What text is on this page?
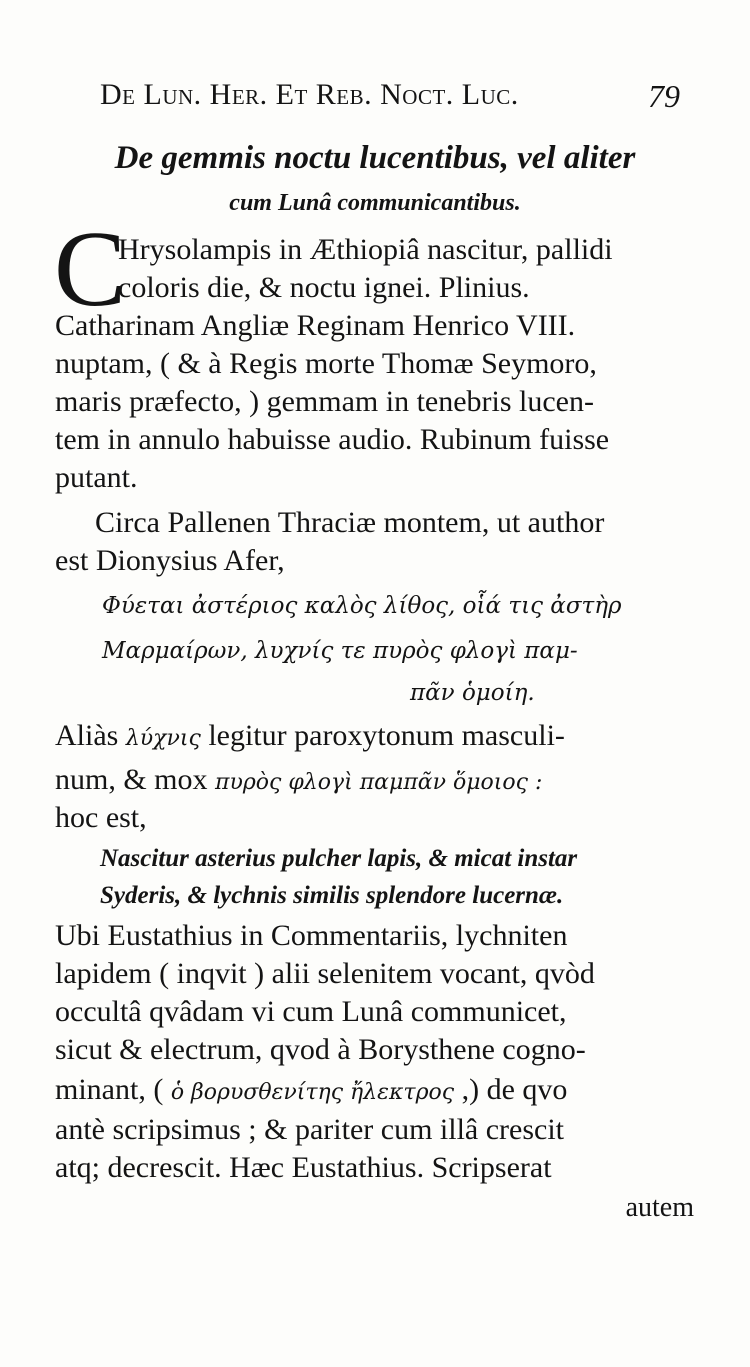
De Lun. Her. Et Reb. Noct. Luc.	79
De gemmis noctu lucentibus, vel aliter
cum Lunâ communicantibus.
C
Hrysolampis in Æthiopiâ nascitur, pallidi
coloris die, & noctu ignei. Plinius.
Catharinam Angliæ Reginam Henrico VIII.
nuptam, ( & à Regis morte Thomæ Seymoro,
maris præfecto, ) gemmam in tenebris lucen-
tem in annulo habuisse audio. Rubinum fuisse
putant.
Circa Pallenen Thraciæ montem, ut author
est Dionysius Afer,
Φύεται ἀστέριος καλὸς λίθος, οἷά τις ἀστὴρ
Μαρμαίρων, λυχνίς τε πυρὸς φλογὶ παμ-
πᾶν ὁμοίη.
Aliàs λύχνις legitur paroxytonum masculi-
num, & mox πυρὸς φλογὶ παμπᾶν ὅμοιος :
hoc est,
Nascitur asterius pulcher lapis, & micat instar
Syderis, & lychnis similis splendore lucernæ.
Ubi Eustathius in Commentariis, lychniten
lapidem ( inqvit ) alii selenitem vocant, qvòd
occultâ qvâdam vi cum Lunâ communicet,
sicut & electrum, qvod à Borysthene cogno-
minant, ( ὁ βορυσθενίτης ἤλεκτρος ,) de qvo
antè scripsimus ; & pariter cum illâ crescit
atq; decrescit. Hæc Eustathius. Scripserat
autem
